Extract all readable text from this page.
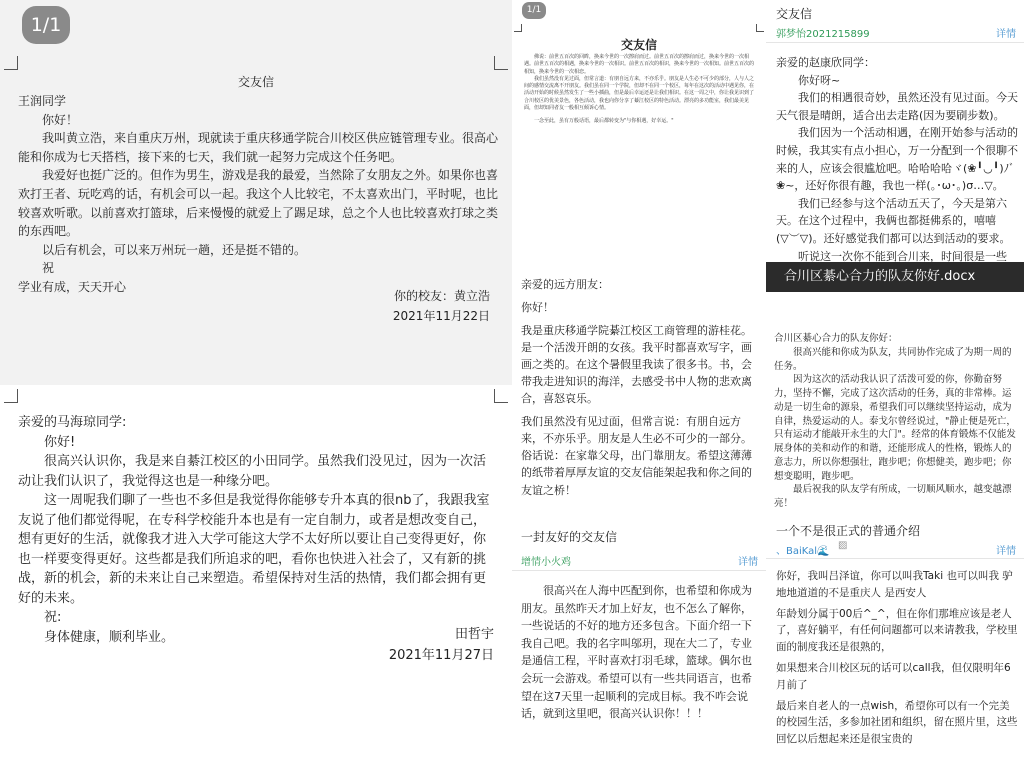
1/1
交友信

王润同学

你好！

我叫黄立浩，来自重庆万州，现就读于重庆移通学院合川校区供应链管理专业。很高心能和你成为七天搭档，接下来的七天，我们就一起努力完成这个任务吧。

我爱好也挺广泛的。但作为男生，游戏是我的最爱，当然除了女朋友之外。如果你也喜欢打王者、玩吃鸡的话，有机会可以一起。我这个人比较宅，不太喜欢出门，平时呢，也比较喜欢听歌。以前喜欢打篮球，后来慢慢的就爱上了踢足球，总之个人也比较喜欢打球之类的东西吧。

以后有机会，可以来万州玩一趟，还是挺不错的。

祝

学业有成，天天开心

你的校友：黄立浩

2021年11月22日

亲爱的马海琼同学:

你好!

很高兴认识你，我是来自綦江校区的小田同学。虽然我们没见过，因为一次活动让我们认识了，我觉得这也是一种缘分吧。

这一周呢我们聊了一些也不多但是我觉得你能够专升本真的很nb了，我跟我室友说了他们都觉得呢，在专科学校能升本也是有一定自制力，或者是想改变自己，想有更好的生活，就像我才进入大学可能这大学不太好所以要让自己变得更好，你也一样要变得更好。这些都是我们所追求的吧，看你也快进入社会了，又有新的挑战，新的机会，新的未来让自己来塑造。希望保持对生活的热情，我们都会拥有更好的未来。

祝:

身体健康，顺利毕业。	田哲宇

2021年11月27日

1/1
交友信

佛说：前世五百次的回眸，换来今世的一次擦肩而过。前世五百次的擦肩而过，换来今世的一次相遇。前世五百次的相遇，换来今世的一次相识。前世五百次的相识，换来今世的一次相知。前世五百次的相知，换来今世的一次相恋。

我们虽然没有见过面，但常言道：有朋自远方来，不亦乐乎。朋友是人生必不可少的部分，人与人之间的感情交流离不开朋友。我们虽在同一个学院，但却不在同一个校区，每年在这次的活动中遇见你，在活动开始的时候虽然发生了一些小插曲，但是最后幸运还是让我们相识。在这一周之中，你让我见识到了合川校区的优美景色，各色活动，我也向你分享了綦江校区的特色活动。漂亮的多功能室，我们最美见面，但却知同者友一般相互倾诉心情。

一念至此，虽有万般话语，最后都转变为"与你相遇，好幸运。"

亲爱的远方朋友：

你好！

我是重庆移通学院綦江校区工商管理的游桂花。是一个活泼开朗的女孩。我平时都喜欢写字，画画之类的。在这个暑假里我读了很多书。书，会带我走进知识的海洋，去感受书中人物的悲欢离合，喜怒哀乐。

我们虽然没有见过面，但常言说：有朋自远方来，不亦乐乎。朋友是人生必不可少的一部分。俗话说：在家靠父母，出门靠朋友。希望这薄薄的纸带着厚厚友谊的交友信能架起我和你之间的友谊之桥！

一封友好的交友信
增情小火鸡	详情

很高兴在人海中匹配到你，也希望和你成为朋友。虽然昨天才加上好友，也不怎么了解你，一些说话的不好的地方还多包含。下面介绍一下我自己吧。我的名字叫邬玥，现在大二了，专业是通信工程，平时喜欢打羽毛球，篮球。偶尔也会玩一会游戏。希望可以有一些共同语言，也希望在这7天里一起顺利的完成目标。我不咋会说话，就到这里吧，很高兴认识你！！！

交友信
郭梦怡2021215899	详情

亲爱的赵康欣同学：

你好呀~

我们的相遇很奇妙，虽然还没有见过面。今天天气很是晴朗，适合出去走路(因为要刷步数)。

我们因为一个活动相遇，在刚开始参与活动的时候，我其实有点小担心，万一分配到一个很聊不来的人，应该会很尴尬吧。哈哈哈哈ヾ(❀╹◡╹)ﾉﾞ❀~，还好你很有趣，我也一样(｡･ω･｡)σ…▽。

我们已经参与这个活动五天了，今天是第六天。在这个过程中，我俩也都挺佛系的，嘻嘻(▽︶▽)。还好感觉我们都可以达到活动的要求。

听说这一次你不能到合川来，时间很是一些

合川区綦心合力的队友你好.docx

合川区綦心合力的队友你好：

很高兴能和你成为队友，共同协作完成了为期一周的任务。

因为这次的活动我认识了活泼可爱的你，你勤奋努力，坚持不懈，完成了这次活动的任务，真的非常棒。运动是一切生命的源泉，希望我们可以继续坚持运动，成为自律，热爱运动的人。泰戈尔曾经说过，"静止便是死亡，只有运动才能敲开永生的大门"。经常的体育锻炼不仅能发展身体的美和动作的和谐，还能形成人的性格，锻炼人的意志力，所以你想强壮，跑步吧；你想健美，跑步吧；你想变聪明，跑步吧。

最后祝我的队友学有所成，一切顺风顺水，越变越漂亮！

一个不是很正式的普通介绍
、BaiKal🌊
▨
详情

你好，我叫吕泽谊，你可以叫我Taki 也可以叫我 驴 地地道道的不是重庆人 是西安人

年龄划分属于00后^_^，但在你们那堆应该是老人了，喜好躺平，有任何问题都可以来请教我，学校里面的制度我还是很熟的，

如果想来合川校区玩的话可以call我，但仅限明年6月前了

最后来自老人的一点wish，希望你可以有一个完美的校园生活，多参加社团和组织，留在照片里，这些回忆以后想起来还是很宝贵的
